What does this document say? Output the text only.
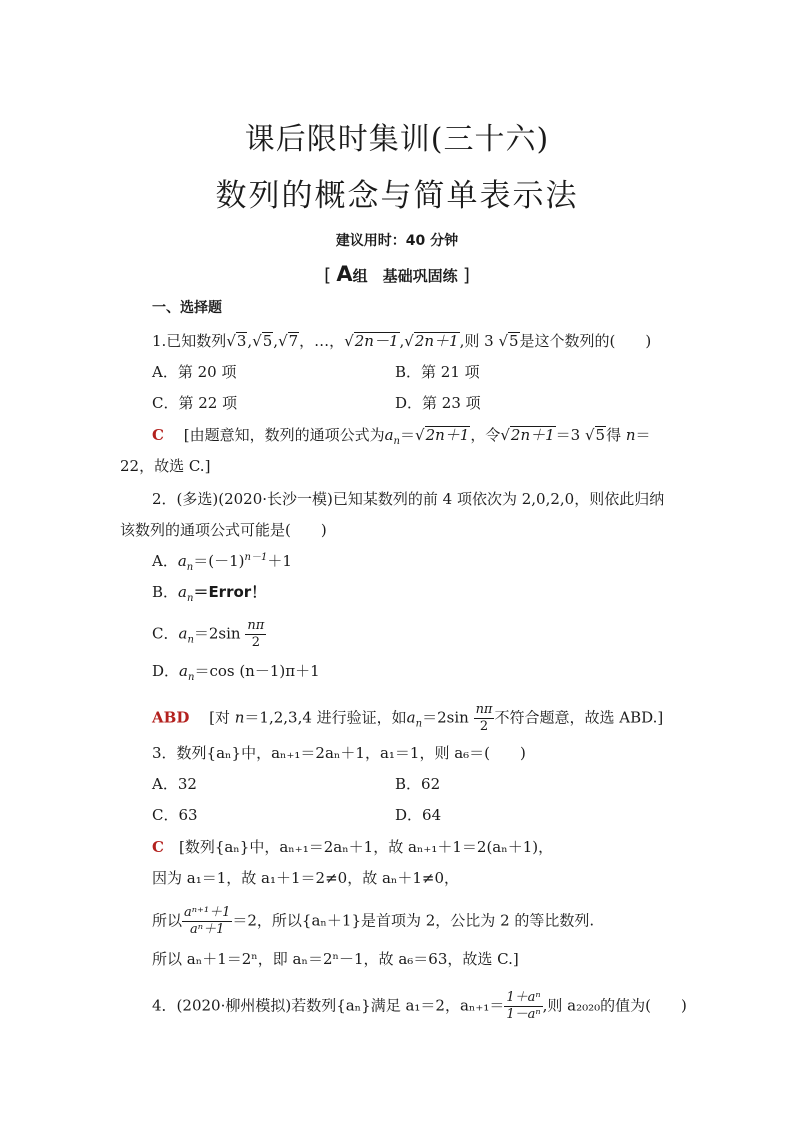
课后限时集训(三十六)
数列的概念与简单表示法
建议用时：40 分钟
[ A组　基础巩固练 ]
一、选择题
1.已知数列√3,√5,√7，…，√2n－1,√2n＋1,则 3 √5是这个数列的(　　)
A．第 20 项	B．第 21 项
C．第 22 项	D．第 23 项
C　 [由题意知，数列的通项公式为$a_n=√2n+1$，令√2n＋1＝3 √5得 n＝
22，故选 C.]
2．(多选)(2020·长沙一模)已知某数列的前 4 项依次为 2,0,2,0，则依此归纳
该数列的通项公式可能是(　　)
A．$a_n=(-1)^{n-1}+1$
B．$a_n=Error$！
C．$a_n=2\sin \frac{n\pi}{2}$
D．$a_n=\cos$ (n－1)π＋1
ABD　 [对 n＝1,2,3,4 进行验证，如$a_n=2\sin \frac{n\pi}{2}$ 不符合题意，故选 ABD.]
3．数列{aₙ}中，aₙ₊₁＝2aₙ＋1，a₁＝1，则 a₆＝(　　)
A．32	B．62
C．63	D．64
C　 [数列{aₙ}中，aₙ₊₁＝2aₙ＋1，故 aₙ₊₁＋1＝2(aₙ＋1)，
因为 a₁＝1，故 a₁＋1＝2≠0，故 aₙ＋1≠0，
所以 $\frac{\text{aⁿ⁺¹＋1}}{\text{aⁿ＋1}} =2$，所以{aₙ＋1}是首项为 2，公比为 2 的等比数列.
所以 aₙ＋1＝2ⁿ，即 aₙ＝2ⁿ－1，故 a₆＝63，故选 C.]
4．(2020·柳州模拟)若数列{aₙ}满足 a₁＝2，$a_{n+1}= \frac{\text{1＋aⁿ}}{\text{1－aⁿ}}$ ,则 a₂₀₂₀的值为(　　)
